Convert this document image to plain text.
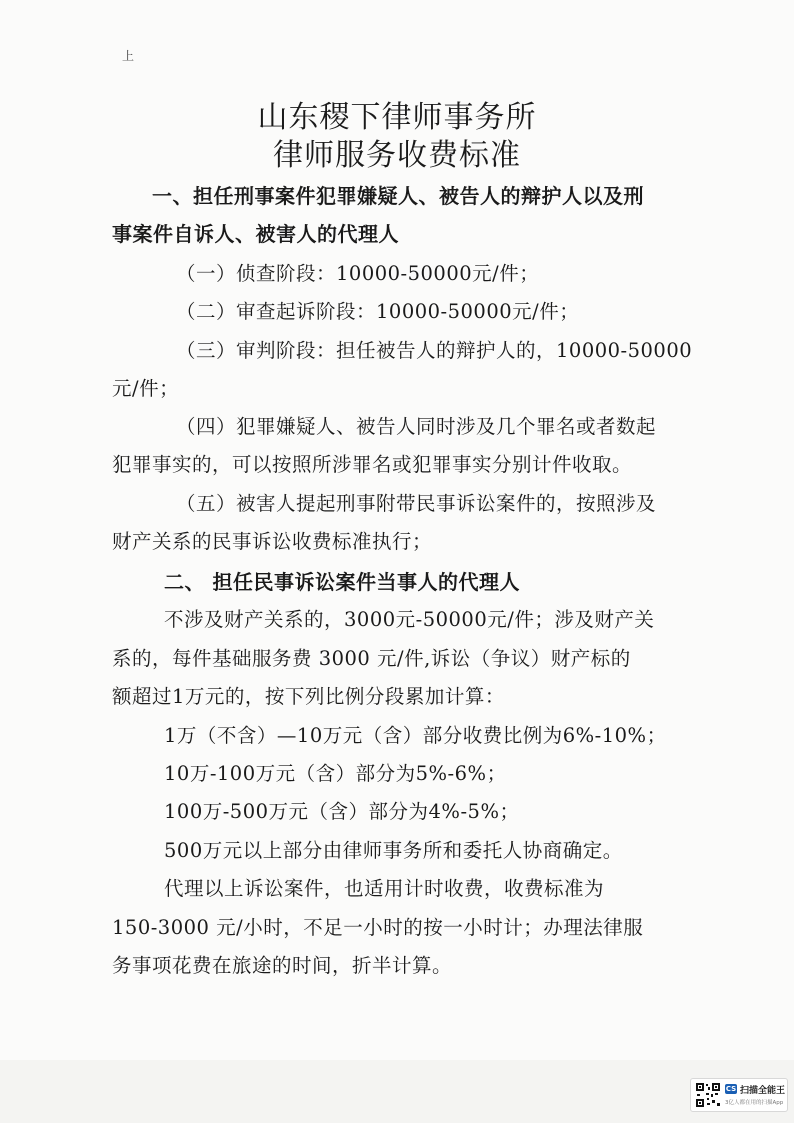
上
山东稷下律师事务所
律师服务收费标准
一、担任刑事案件犯罪嫌疑人、被告人的辩护人以及刑
事案件自诉人、被害人的代理人
（一）侦查阶段：10000-50000元/件；
（二）审查起诉阶段：10000-50000元/件；
（三）审判阶段：担任被告人的辩护人的，10000-50000
元/件；
（四）犯罪嫌疑人、被告人同时涉及几个罪名或者数起
犯罪事实的，可以按照所涉罪名或犯罪事实分别计件收取。
（五）被害人提起刑事附带民事诉讼案件的，按照涉及
财产关系的民事诉讼收费标准执行；
二、 担任民事诉讼案件当事人的代理人
不涉及财产关系的，3000元-50000元/件；涉及财产关
系的，每件基础服务费 3000 元/件,诉讼（争议）财产标的
额超过1万元的，按下列比例分段累加计算：
1万（不含）—10万元（含）部分收费比例为6%-10%；
10万-100万元（含）部分为5%-6%；
100万-500万元（含）部分为4%-5%；
500万元以上部分由律师事务所和委托人协商确定。
代理以上诉讼案件，也适用计时收费，收费标准为
150-3000 元/小时，不足一小时的按一小时计；办理法律服
务事项花费在旅途的时间，折半计算。
CS 扫描全能王
3亿人都在用的扫描App
